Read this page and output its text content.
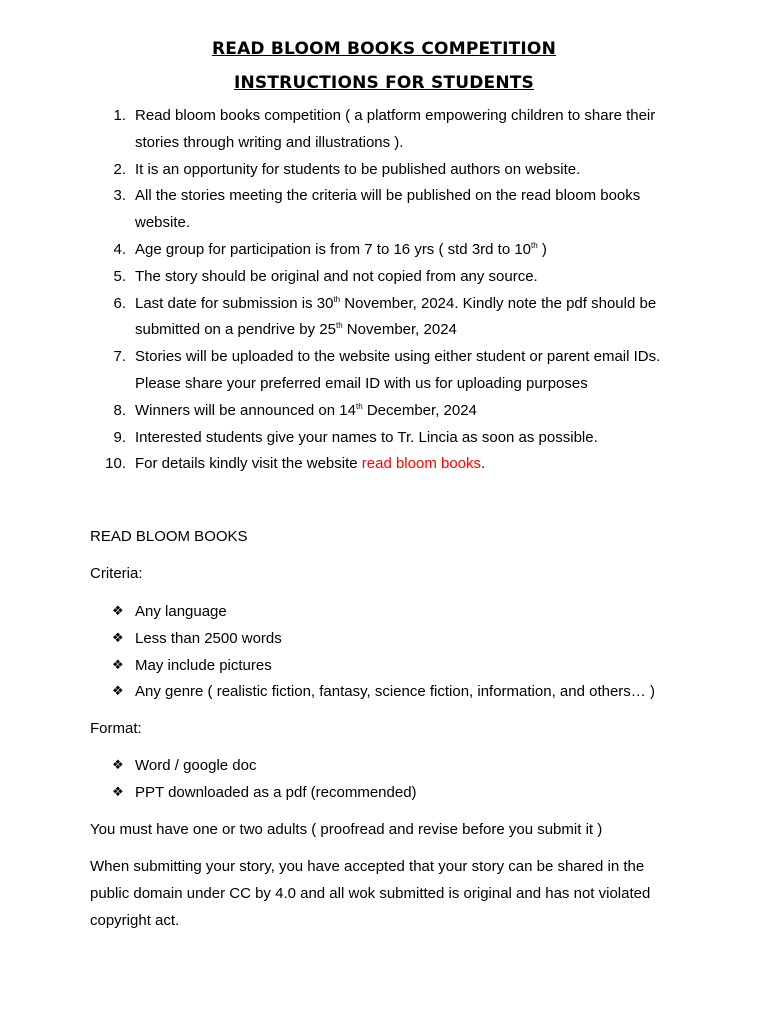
READ BLOOM BOOKS COMPETITION
INSTRUCTIONS FOR STUDENTS
1. Read bloom books competition ( a platform empowering children to share their stories through writing and illustrations ).
2. It is an opportunity for students to be published authors on website.
3. All the stories meeting the criteria will be published on the read bloom books website.
4. Age group for participation is from 7 to 16 yrs ( std 3rd to 10th )
5. The story should be original and not copied from any source.
6. Last date for submission is 30th November, 2024. Kindly note the pdf should be submitted on a pendrive by 25th November, 2024
7. Stories will be uploaded to the website using either student or parent email IDs. Please share your preferred email ID with us for uploading purposes
8. Winners will be announced on 14th December, 2024
9. Interested students give your names to Tr. Lincia as soon as possible.
10. For details kindly visit the website read bloom books.

READ BLOOM BOOKS

Criteria:

❖ Any language
❖ Less than 2500 words
❖ May include pictures
❖ Any genre ( realistic fiction, fantasy, science fiction, information, and others… )

Format:

❖ Word / google doc
❖ PPT downloaded as a pdf (recommended)

You must have one or two adults ( proofread and revise before you submit it )

When submitting your story, you have accepted that your story can be shared in the public domain under CC by 4.0 and all wok submitted is original and has not violated copyright act.
